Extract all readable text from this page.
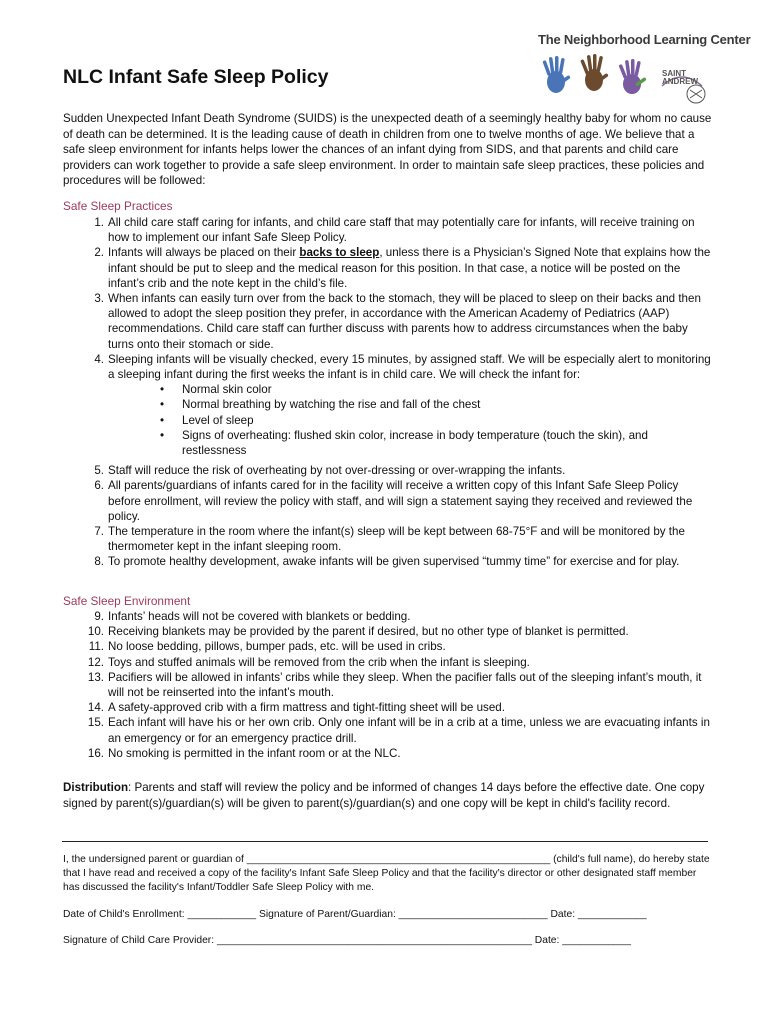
The Neighborhood Learning Center
SAINT ANDREW
NLC Infant Safe Sleep Policy
Sudden Unexpected Infant Death Syndrome (SUIDS) is the unexpected death of a seemingly healthy baby for whom no cause of death can be determined. It is the leading cause of death in children from one to twelve months of age. We believe that a safe sleep environment for infants helps lower the chances of an infant dying from SIDS, and that parents and child care providers can work together to provide a safe sleep environment. In order to maintain safe sleep practices, these policies and procedures will be followed:
Safe Sleep Practices
1. All child care staff caring for infants, and child care staff that may potentially care for infants, will receive training on how to implement our infant Safe Sleep Policy.
2. Infants will always be placed on their backs to sleep, unless there is a Physician’s Signed Note that explains how the infant should be put to sleep and the medical reason for this position. In that case, a notice will be posted on the infant’s crib and the note kept in the child’s file.
3. When infants can easily turn over from the back to the stomach, they will be placed to sleep on their backs and then allowed to adopt the sleep position they prefer, in accordance with the American Academy of Pediatrics (AAP) recommendations. Child care staff can further discuss with parents how to address circumstances when the baby turns onto their stomach or side.
4. Sleeping infants will be visually checked, every 15 minutes, by assigned staff. We will be especially alert to monitoring a sleeping infant during the first weeks the infant is in child care. We will check the infant for:
• Normal skin color
• Normal breathing by watching the rise and fall of the chest
• Level of sleep
• Signs of overheating: flushed skin color, increase in body temperature (touch the skin), and restlessness
5. Staff will reduce the risk of overheating by not over-dressing or over-wrapping the infants.
6. All parents/guardians of infants cared for in the facility will receive a written copy of this Infant Safe Sleep Policy before enrollment, will review the policy with staff, and will sign a statement saying they received and reviewed the policy.
7. The temperature in the room where the infant(s) sleep will be kept between 68-75°F and will be monitored by the thermometer kept in the infant sleeping room.
8. To promote healthy development, awake infants will be given supervised “tummy time” for exercise and for play.
Safe Sleep Environment
9. Infants’ heads will not be covered with blankets or bedding.
10. Receiving blankets may be provided by the parent if desired, but no other type of blanket is permitted.
11. No loose bedding, pillows, bumper pads, etc. will be used in cribs.
12. Toys and stuffed animals will be removed from the crib when the infant is sleeping.
13. Pacifiers will be allowed in infants’ cribs while they sleep. When the pacifier falls out of the sleeping infant’s mouth, it will not be reinserted into the infant’s mouth.
14. A safety-approved crib with a firm mattress and tight-fitting sheet will be used.
15. Each infant will have his or her own crib. Only one infant will be in a crib at a time, unless we are evacuating infants in an emergency or for an emergency practice drill.
16. No smoking is permitted in the infant room or at the NLC.
Distribution: Parents and staff will review the policy and be informed of changes 14 days before the effective date. One copy signed by parent(s)/guardian(s) will be given to parent(s)/guardian(s) and one copy will be kept in child's facility record.
I, the undersigned parent or guardian of _____________________________________________________ (child's full name), do hereby state that I have read and received a copy of the facility's Infant Safe Sleep Policy and that the facility's director or other designated staff member has discussed the facility's Infant/Toddler Safe Sleep Policy with me.
Date of Child's Enrollment: ____________ Signature of Parent/Guardian: __________________________ Date: ____________
Signature of Child Care Provider: _______________________________________________________ Date: ____________
